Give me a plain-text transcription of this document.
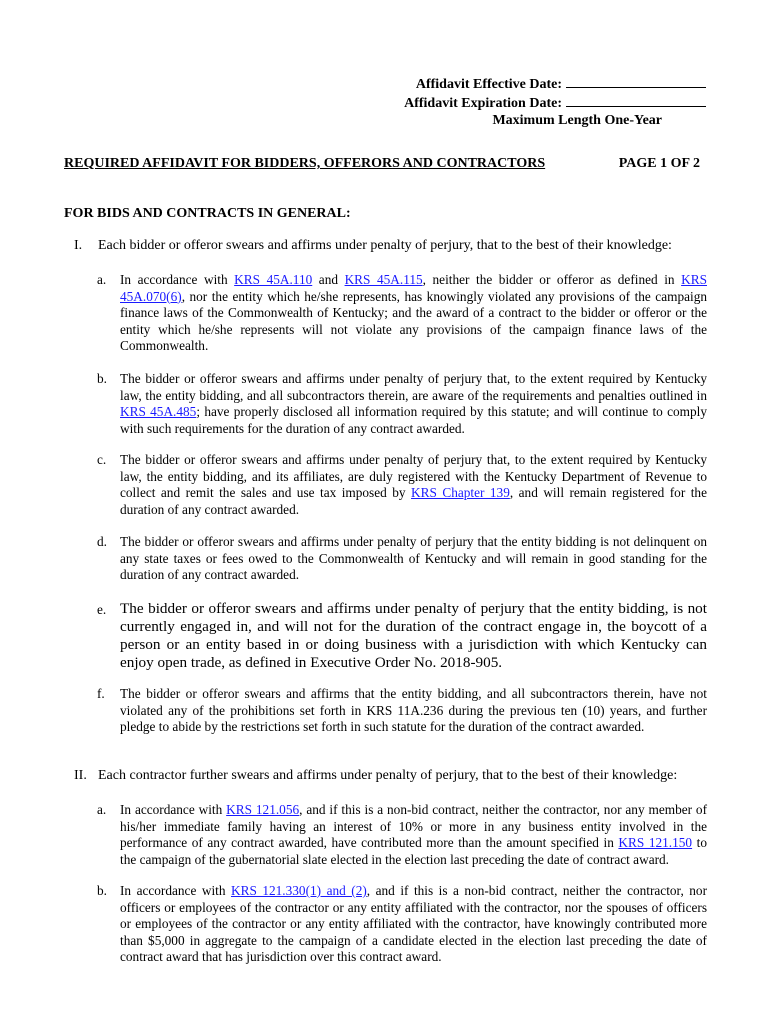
Affidavit Effective Date:
Affidavit Expiration Date:
Maximum Length One-Year
REQUIRED AFFIDAVIT FOR BIDDERS, OFFERORS AND CONTRACTORS	PAGE 1 OF 2
FOR BIDS AND CONTRACTS IN GENERAL:
I. Each bidder or offeror swears and affirms under penalty of perjury, that to the best of their knowledge:
a. In accordance with KRS 45A.110 and KRS 45A.115, neither the bidder or offeror as defined in KRS 45A.070(6), nor the entity which he/she represents, has knowingly violated any provisions of the campaign finance laws of the Commonwealth of Kentucky; and the award of a contract to the bidder or offeror or the entity which he/she represents will not violate any provisions of the campaign finance laws of the Commonwealth.
b. The bidder or offeror swears and affirms under penalty of perjury that, to the extent required by Kentucky law, the entity bidding, and all subcontractors therein, are aware of the requirements and penalties outlined in KRS 45A.485; have properly disclosed all information required by this statute; and will continue to comply with such requirements for the duration of any contract awarded.
c. The bidder or offeror swears and affirms under penalty of perjury that, to the extent required by Kentucky law, the entity bidding, and its affiliates, are duly registered with the Kentucky Department of Revenue to collect and remit the sales and use tax imposed by KRS Chapter 139, and will remain registered for the duration of any contract awarded.
d. The bidder or offeror swears and affirms under penalty of perjury that the entity bidding is not delinquent on any state taxes or fees owed to the Commonwealth of Kentucky and will remain in good standing for the duration of any contract awarded.
e. The bidder or offeror swears and affirms under penalty of perjury that the entity bidding, is not currently engaged in, and will not for the duration of the contract engage in, the boycott of a person or an entity based in or doing business with a jurisdiction with which Kentucky can enjoy open trade, as defined in Executive Order No. 2018-905.
f. The bidder or offeror swears and affirms that the entity bidding, and all subcontractors therein, have not violated any of the prohibitions set forth in KRS 11A.236 during the previous ten (10) years, and further pledge to abide by the restrictions set forth in such statute for the duration of the contract awarded.
II. Each contractor further swears and affirms under penalty of perjury, that to the best of their knowledge:
a. In accordance with KRS 121.056, and if this is a non-bid contract, neither the contractor, nor any member of his/her immediate family having an interest of 10% or more in any business entity involved in the performance of any contract awarded, have contributed more than the amount specified in KRS 121.150 to the campaign of the gubernatorial slate elected in the election last preceding the date of contract award.
b. In accordance with KRS 121.330(1) and (2), and if this is a non-bid contract, neither the contractor, nor officers or employees of the contractor or any entity affiliated with the contractor, nor the spouses of officers or employees of the contractor or any entity affiliated with the contractor, have knowingly contributed more than $5,000 in aggregate to the campaign of a candidate elected in the election last preceding the date of contract award that has jurisdiction over this contract award.
